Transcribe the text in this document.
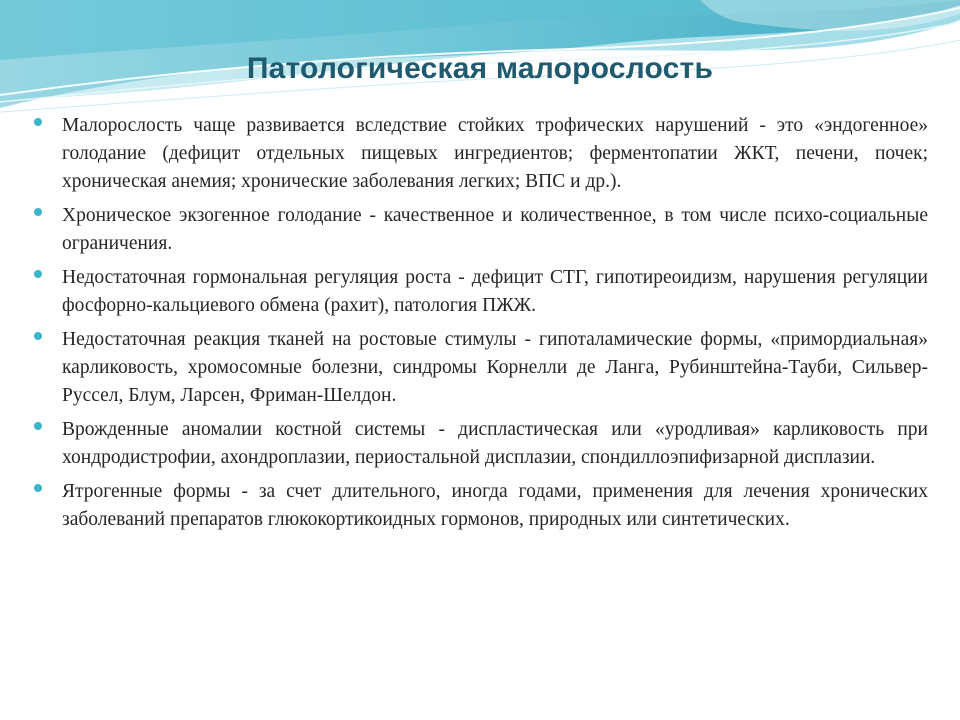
Патологическая малорослость
Малорослость чаще развивается вследствие стойких трофических нарушений - это «эндогенное» голодание (дефицит отдельных пищевых ингредиентов; ферментопатии ЖКТ, печени, почек; хроническая анемия; хронические заболевания легких; ВПС и др.).
Хроническое экзогенное голодание - качественное и количественное, в том числе психо-социальные ограничения.
Недостаточная гормональная регуляция роста - дефицит СТГ, гипотиреоидизм, нарушения регуляции фосфорно-кальциевого обмена (рахит), патология ПЖЖ.
Недостаточная реакция тканей на ростовые стимулы - гипоталамические формы, «примордиальная» карликовость, хромосомные болезни, синдромы Корнелли де Ланга, Рубинштейна-Тауби, Сильвер-Руссел, Блум, Ларсен, Фриман-Шелдон.
Врожденные аномалии костной системы - диспластическая или «уродливая» карликовость при хондродистрофии, ахондроплазии, периостальной дисплазии, спондиллоэпифизарной дисплазии.
Ятрогенные формы - за счет длительного, иногда годами, применения для лечения хронических заболеваний препаратов глюкокортикоидных гормонов, природных или синтетических.
